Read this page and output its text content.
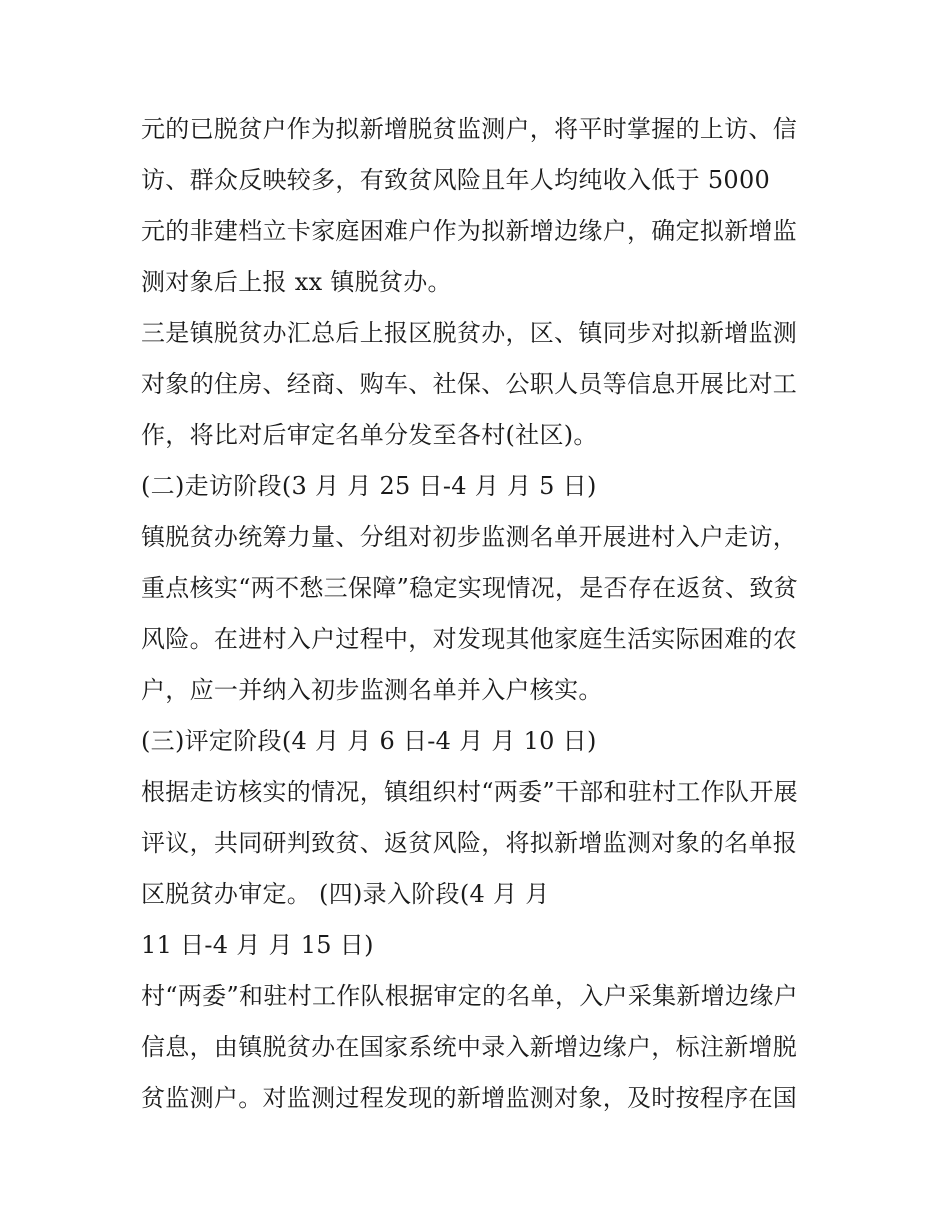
元的已脱贫户作为拟新增脱贫监测户，将平时掌握的上访、信
访、群众反映较多，有致贫风险且年人均纯收入低于 5000
元的非建档立卡家庭困难户作为拟新增边缘户，确定拟新增监
测对象后上报 xx 镇脱贫办。
三是镇脱贫办汇总后上报区脱贫办，区、镇同步对拟新增监测
对象的住房、经商、购车、社保、公职人员等信息开展比对工
作，将比对后审定名单分发至各村(社区)。
(二)走访阶段(3 月 月 25 日-4 月 月 5 日)
镇脱贫办统筹力量、分组对初步监测名单开展进村入户走访，
重点核实“两不愁三保障”稳定实现情况，是否存在返贫、致贫
风险。在进村入户过程中，对发现其他家庭生活实际困难的农
户，应一并纳入初步监测名单并入户核实。
(三)评定阶段(4 月 月 6 日-4 月 月 10 日)
根据走访核实的情况，镇组织村“两委”干部和驻村工作队开展
评议，共同研判致贫、返贫风险，将拟新增监测对象的名单报
区脱贫办审定。 (四)录入阶段(4 月 月
11 日-4 月 月 15 日)
村“两委”和驻村工作队根据审定的名单，入户采集新增边缘户
信息，由镇脱贫办在国家系统中录入新增边缘户，标注新增脱
贫监测户。对监测过程发现的新增监测对象，及时按程序在国
